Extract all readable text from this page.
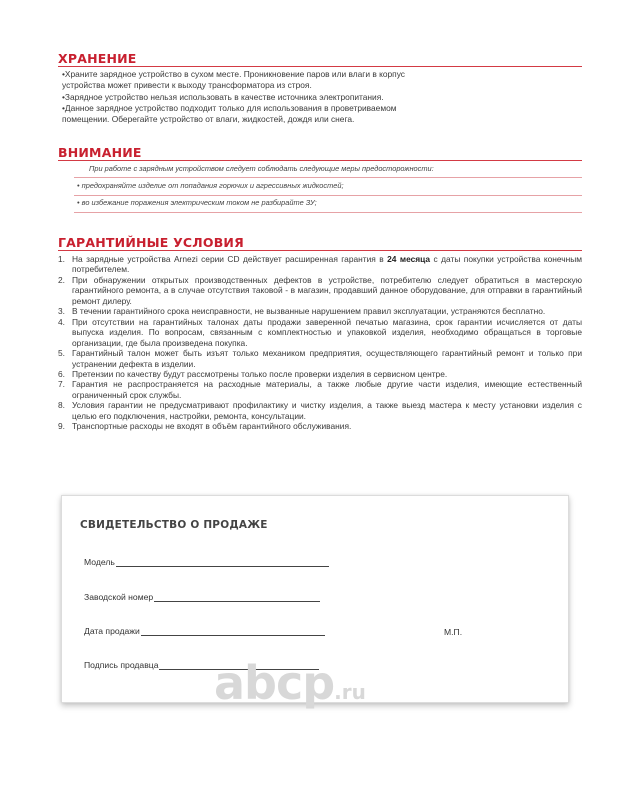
ХРАНЕНИЕ
•Храните зарядное устройство в сухом месте. Проникновение паров или влаги в корпус
устройства может привести к выходу трансформатора из строя.
•Зарядное устройство нельзя использовать в качестве источника электропитания.
•Данное зарядное устройство подходит только для использования в проветриваемом
помещении. Оберегайте устройство от влаги, жидкостей, дождя или снега.
ВНИМАНИЕ

При работе с зарядным устройством следует соблюдать следующие меры предосторожности:

• предохраняйте изделие от попадания горючих и агрессивных жидкостей;

• во избежание поражения электрическим током не разбирайте ЗУ;

ГАРАНТИЙНЫЕ УСЛОВИЯ
1. На зарядные устройства Arnezi серии CD действует расширенная гарантия в 24 месяца с даты покупки устройства конечным потребителем.
2. При обнаружении открытых производственных дефектов в устройстве, потребителю следует обратиться в мастерскую гарантийного ремонта, а в случае отсутствия таковой - в магазин, продавший данное оборудование, для отправки в гарантийный ремонт дилеру.
3. В течении гарантийного срока неисправности, не вызванные нарушением правил эксплуатации, устраняются бесплатно.
4. При отсутствии на гарантийных талонах даты продажи заверенной печатью магазина, срок гарантии исчисляется от даты выпуска изделия. По вопросам, связанным с комплектностью и упаковкой изделия, необходимо обращаться в торговые организации, где была произведена покупка.
5. Гарантийный талон может быть изъят только механиком предприятия, осуществляющего гарантийный ремонт и только при устранении дефекта в изделии.
6. Претензии по качеству будут рассмотрены только после проверки изделия в сервисном центре.
7. Гарантия не распространяется на расходные материалы, а также любые другие части изделия, имеющие естественный ограниченный срок службы.
8. Условия гарантии не предусматривают профилактику и чистку изделия, а также выезд мастера к месту установки изделия с целью его подключения, настройки, ремонта, консультации.
9. Транспортные расходы не входят в объём гарантийного обслуживания.
СВИДЕТЕЛЬСТВО О ПРОДАЖЕ
Модель
Заводской номер
Дата продажи	М.П.
Подпись продавца abcp.ru
